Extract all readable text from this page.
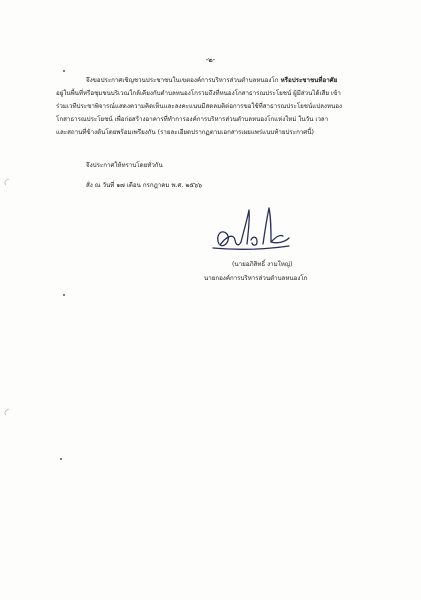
-๒-
จึงขอประกาศเชิญชวนประชาชนในเขตองค์การบริหารส่วนตำบลหนองโก หรือประชาชนที่อาศัย
อยู่ในพื้นที่หรือชุมชนบริเวณใกล้เคียงกับตำบลหนองโกรวมถึงที่หนองโกสาธารณประโยชน์ ผู้มีส่วนได้เสีย เข้า
ร่วมเวทีประชาพิจารณ์แสดงความคิดเห็นและลงคะแนนมีสดลมติต่อการขอใช้ที่สาธารณประโยชน์แปลงหนอง
โกสาธารณประโยชน์ เพื่อก่อสร้างอาคารที่ทำการองค์การบริหารส่วนตำบลหนองโกแห่งใหม่ ในวัน เวลา
และสถานที่ข้างต้นโดยพร้อมเพรียงกัน (รายละเอียดปรากฏตามเอกสารเผยแพร่แนบท้ายประกาศนี้)
จึงประกาศให้ทราบโดยทั่วกัน
สั่ง ณ วันที่ ๑๗ เดือน กรกฎาคม พ.ศ. ๒๕๖๖
(นายอภิสิทธิ์ งามใหญ่)
นายกองค์การบริหารส่วนตำบลหนองโก
